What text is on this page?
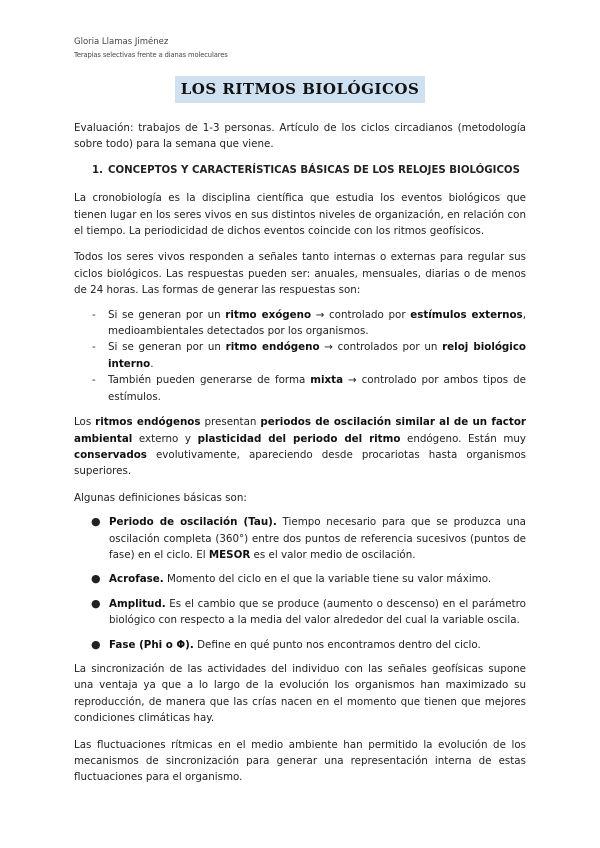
Gloria Llamas Jiménez
Terapias selectivas frente a dianas moleculares
LOS RITMOS BIOLÓGICOS

Evaluación: trabajos de 1-3 personas. Artículo de los ciclos circadianos (metodología sobre todo) para la semana que viene.

1. CONCEPTOS Y CARACTERÍSTICAS BÁSICAS DE LOS RELOJES BIOLÓGICOS

La cronobiología es la disciplina científica que estudia los eventos biológicos que tienen lugar en los seres vivos en sus distintos niveles de organización, en relación con el tiempo. La periodicidad de dichos eventos coincide con los ritmos geofísicos.

Todos los seres vivos responden a señales tanto internas o externas para regular sus ciclos biológicos. Las respuestas pueden ser: anuales, mensuales, diarias o de menos de 24 horas. Las formas de generar las respuestas son:

- Si se generan por un ritmo exógeno → controlado por estímulos externos, medioambientales detectados por los organismos.
- Si se generan por un ritmo endógeno → controlados por un reloj biológico interno.
- También pueden generarse de forma mixta → controlado por ambos tipos de estímulos.

Los ritmos endógenos presentan periodos de oscilación similar al de un factor ambiental externo y plasticidad del periodo del ritmo endógeno. Están muy conservados evolutivamente, apareciendo desde procariotas hasta organismos superiores.

Algunas definiciones básicas son:

● Periodo de oscilación (Tau). Tiempo necesario para que se produzca una oscilación completa (360°) entre dos puntos de referencia sucesivos (puntos de fase) en el ciclo. El MESOR es el valor medio de oscilación.
● Acrofase. Momento del ciclo en el que la variable tiene su valor máximo.
● Amplitud. Es el cambio que se produce (aumento o descenso) en el parámetro biológico con respecto a la media del valor alrededor del cual la variable oscila.
● Fase (Phi o Φ). Define en qué punto nos encontramos dentro del ciclo.

La sincronización de las actividades del individuo con las señales geofísicas supone una ventaja ya que a lo largo de la evolución los organismos han maximizado su reproducción, de manera que las crías nacen en el momento que tienen que mejores condiciones climáticas hay.

Las fluctuaciones rítmicas en el medio ambiente han permitido la evolución de los mecanismos de sincronización para generar una representación interna de estas fluctuaciones para el organismo.
